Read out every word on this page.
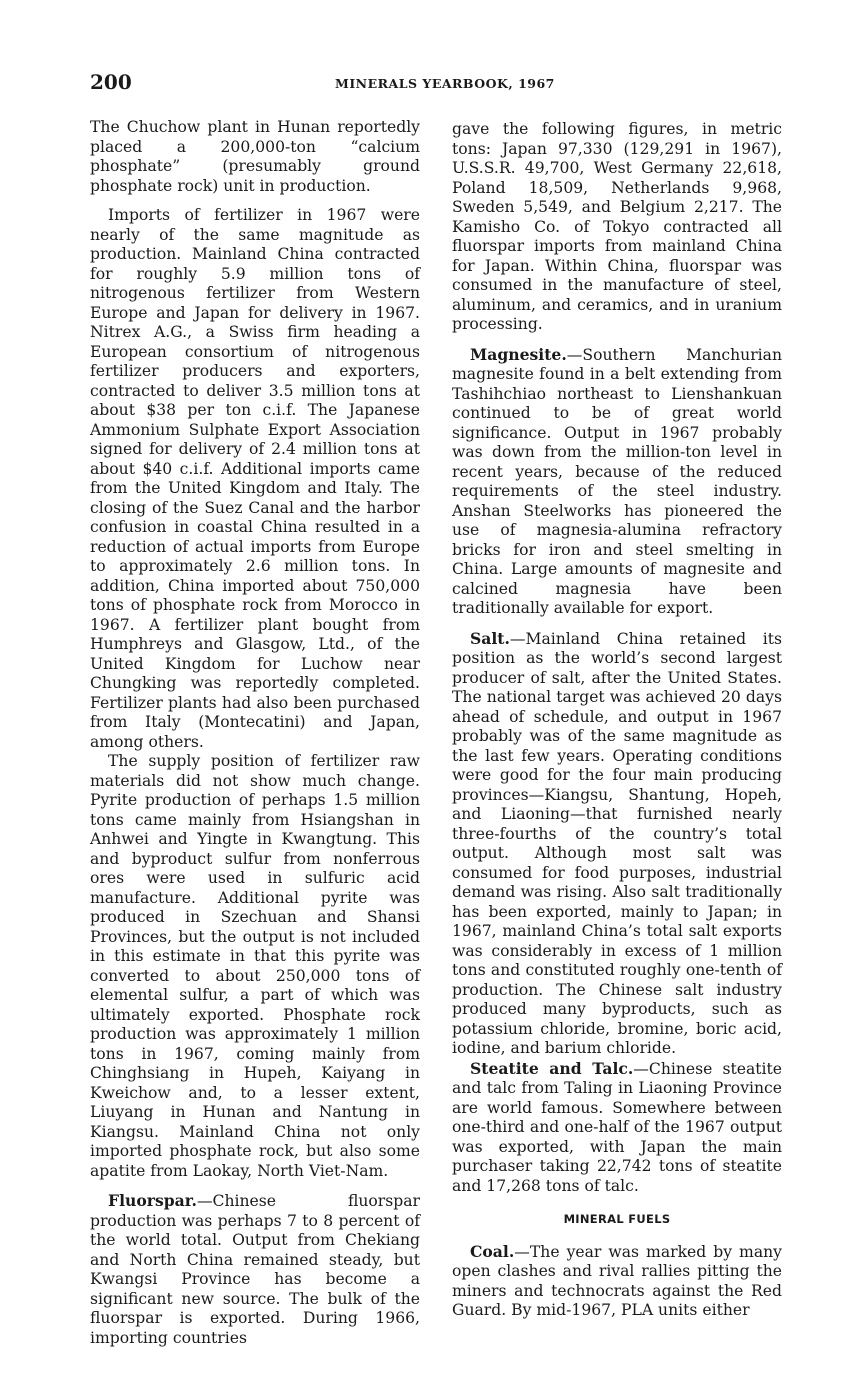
200	MINERALS YEARBOOK, 1967

The Chuchow plant in Hunan reportedly placed a 200,000-ton “calcium phosphate” (presumably ground phosphate rock) unit in production.

Imports of fertilizer in 1967 were nearly of the same magnitude as production. Mainland China contracted for roughly 5.9 million tons of nitrogenous fertilizer from Western Europe and Japan for delivery in 1967. Nitrex A.G., a Swiss firm heading a European consortium of nitrogenous fertilizer producers and exporters, contracted to deliver 3.5 million tons at about $38 per ton c.i.f. The Japanese Ammonium Sulphate Export Association signed for delivery of 2.4 million tons at about $40 c.i.f. Additional imports came from the United Kingdom and Italy. The closing of the Suez Canal and the harbor confusion in coastal China resulted in a reduction of actual imports from Europe to approximately 2.6 million tons. In addition, China imported about 750,000 tons of phosphate rock from Morocco in 1967. A fertilizer plant bought from Humphreys and Glasgow, Ltd., of the United Kingdom for Luchow near Chungking was reportedly completed. Fertilizer plants had also been purchased from Italy (Montecatini) and Japan, among others.

The supply position of fertilizer raw materials did not show much change. Pyrite production of perhaps 1.5 million tons came mainly from Hsiangshan in Anhwei and Yingte in Kwangtung. This and byproduct sulfur from nonferrous ores were used in sulfuric acid manufacture. Additional pyrite was produced in Szechuan and Shansi Provinces, but the output is not included in this estimate in that this pyrite was converted to about 250,000 tons of elemental sulfur, a part of which was ultimately exported. Phosphate rock production was approximately 1 million tons in 1967, coming mainly from Chinghsiang in Hupeh, Kaiyang in Kweichow and, to a lesser extent, Liuyang in Hunan and Nantung in Kiangsu. Mainland China not only imported phosphate rock, but also some apatite from Laokay, North Viet-Nam.

Fluorspar.—Chinese fluorspar production was perhaps 7 to 8 percent of the world total. Output from Chekiang and North China remained steady, but Kwangsi Province has become a significant new source. The bulk of the fluorspar is exported. During 1966, importing countries

gave the following figures, in metric tons: Japan 97,330 (129,291 in 1967), U.S.S.R. 49,700, West Germany 22,618, Poland 18,509, Netherlands 9,968, Sweden 5,549, and Belgium 2,217. The Kamisho Co. of Tokyo contracted all fluorspar imports from mainland China for Japan. Within China, fluorspar was consumed in the manufacture of steel, aluminum, and ceramics, and in uranium processing.

Magnesite.—Southern Manchurian magnesite found in a belt extending from Tashihchiao northeast to Lienshankuan continued to be of great world significance. Output in 1967 probably was down from the million-ton level in recent years, because of the reduced requirements of the steel industry. Anshan Steelworks has pioneered the use of magnesia-alumina refractory bricks for iron and steel smelting in China. Large amounts of magnesite and calcined magnesia have been traditionally available for export.

Salt.—Mainland China retained its position as the world’s second largest producer of salt, after the United States. The national target was achieved 20 days ahead of schedule, and output in 1967 probably was of the same magnitude as the last few years. Operating conditions were good for the four main producing provinces—Kiangsu, Shantung, Hopeh, and Liaoning—that furnished nearly three-fourths of the country’s total output. Although most salt was consumed for food purposes, industrial demand was rising. Also salt traditionally has been exported, mainly to Japan; in 1967, mainland China’s total salt exports was considerably in excess of 1 million tons and constituted roughly one-tenth of production. The Chinese salt industry produced many byproducts, such as potassium chloride, bromine, boric acid, iodine, and barium chloride.

Steatite and Talc.—Chinese steatite and talc from Taling in Liaoning Province are world famous. Somewhere between one-third and one-half of the 1967 output was exported, with Japan the main purchaser taking 22,742 tons of steatite and 17,268 tons of talc.

MINERAL FUELS

Coal.—The year was marked by many open clashes and rival rallies pitting the miners and technocrats against the Red Guard. By mid-1967, PLA units either
